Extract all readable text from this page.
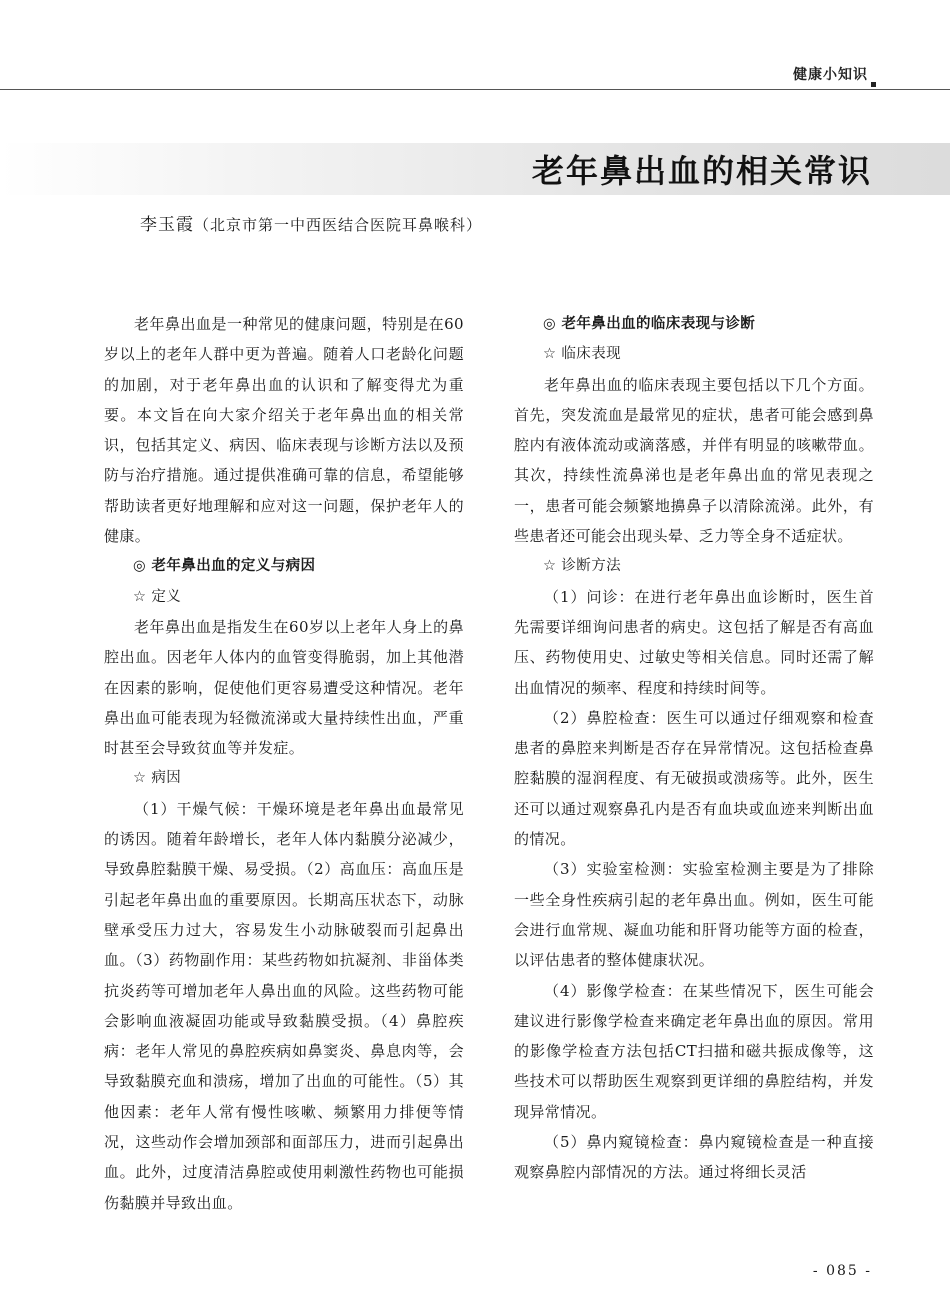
健康小知识
老年鼻出血的相关常识
李玉霞（北京市第一中西医结合医院耳鼻喉科）

老年鼻出血是一种常见的健康问题，特别是在60岁以上的老年人群中更为普遍。随着人口老龄化问题的加剧，对于老年鼻出血的认识和了解变得尤为重要。本文旨在向大家介绍关于老年鼻出血的相关常识，包括其定义、病因、临床表现与诊断方法以及预防与治疗措施。通过提供准确可靠的信息，希望能够帮助读者更好地理解和应对这一问题，保护老年人的健康。

◎ 老年鼻出血的定义与病因

☆ 定义

老年鼻出血是指发生在60岁以上老年人身上的鼻腔出血。因老年人体内的血管变得脆弱，加上其他潜在因素的影响，促使他们更容易遭受这种情况。老年鼻出血可能表现为轻微流涕或大量持续性出血，严重时甚至会导致贫血等并发症。

☆ 病因

（1）干燥气候：干燥环境是老年鼻出血最常见的诱因。随着年龄增长，老年人体内黏膜分泌减少，导致鼻腔黏膜干燥、易受损。（2）高血压：高血压是引起老年鼻出血的重要原因。长期高压状态下，动脉壁承受压力过大，容易发生小动脉破裂而引起鼻出血。（3）药物副作用：某些药物如抗凝剂、非甾体类抗炎药等可增加老年人鼻出血的风险。这些药物可能会影响血液凝固功能或导致黏膜受损。（4）鼻腔疾病：老年人常见的鼻腔疾病如鼻窦炎、鼻息肉等，会导致黏膜充血和溃疡，增加了出血的可能性。（5）其他因素：老年人常有慢性咳嗽、频繁用力排便等情况，这些动作会增加颈部和面部压力，进而引起鼻出血。此外，过度清洁鼻腔或使用刺激性药物也可能损伤黏膜并导致出血。

◎ 老年鼻出血的临床表现与诊断

☆ 临床表现

老年鼻出血的临床表现主要包括以下几个方面。首先，突发流血是最常见的症状，患者可能会感到鼻腔内有液体流动或滴落感，并伴有明显的咳嗽带血。其次，持续性流鼻涕也是老年鼻出血的常见表现之一，患者可能会频繁地擤鼻子以清除流涕。此外，有些患者还可能会出现头晕、乏力等全身不适症状。

☆ 诊断方法

（1）问诊：在进行老年鼻出血诊断时，医生首先需要详细询问患者的病史。这包括了解是否有高血压、药物使用史、过敏史等相关信息。同时还需了解出血情况的频率、程度和持续时间等。

（2）鼻腔检查：医生可以通过仔细观察和检查患者的鼻腔来判断是否存在异常情况。这包括检查鼻腔黏膜的湿润程度、有无破损或溃疡等。此外，医生还可以通过观察鼻孔内是否有血块或血迹来判断出血的情况。

（3）实验室检测：实验室检测主要是为了排除一些全身性疾病引起的老年鼻出血。例如，医生可能会进行血常规、凝血功能和肝肾功能等方面的检查，以评估患者的整体健康状况。

（4）影像学检查：在某些情况下，医生可能会建议进行影像学检查来确定老年鼻出血的原因。常用的影像学检查方法包括CT扫描和磁共振成像等，这些技术可以帮助医生观察到更详细的鼻腔结构，并发现异常情况。

（5）鼻内窥镜检查：鼻内窥镜检查是一种直接观察鼻腔内部情况的方法。通过将细长灵活

- 085 -
